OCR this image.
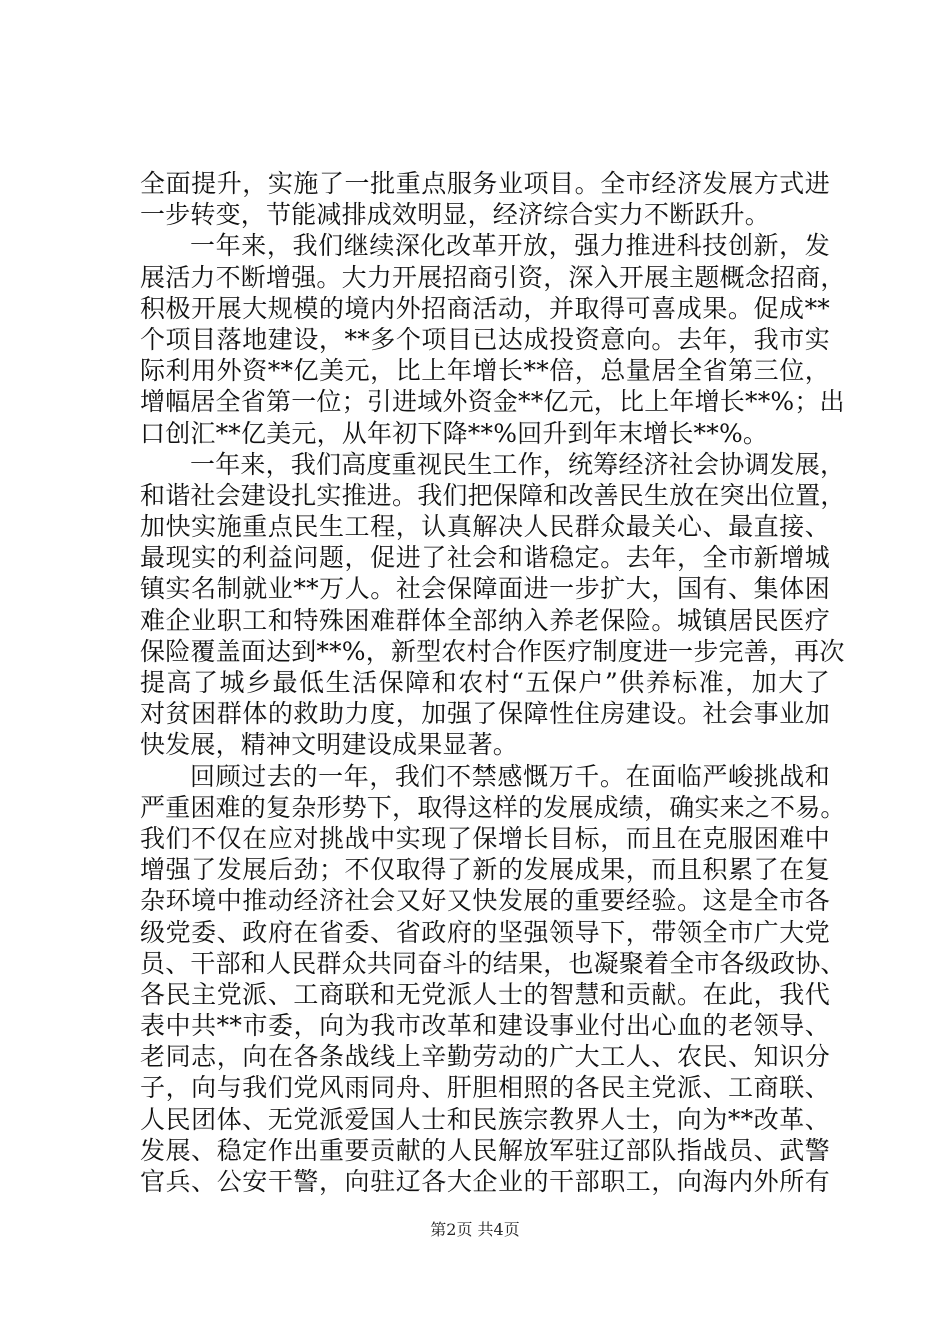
全面提升，实施了一批重点服务业项目。全市经济发展方式进
一步转变，节能减排成效明显，经济综合实力不断跃升。
一年来，我们继续深化改革开放，强力推进科技创新，发
展活力不断增强。大力开展招商引资，深入开展主题概念招商，
积极开展大规模的境内外招商活动，并取得可喜成果。促成**
个项目落地建设，**多个项目已达成投资意向。去年，我市实
际利用外资**亿美元，比上年增长**倍，总量居全省第三位，
增幅居全省第一位；引进域外资金**亿元，比上年增长**%；出
口创汇**亿美元，从年初下降**%回升到年末增长**%。
一年来，我们高度重视民生工作，统筹经济社会协调发展，
和谐社会建设扎实推进。我们把保障和改善民生放在突出位置，
加快实施重点民生工程，认真解决人民群众最关心、最直接、
最现实的利益问题，促进了社会和谐稳定。去年，全市新增城
镇实名制就业**万人。社会保障面进一步扩大，国有、集体困
难企业职工和特殊困难群体全部纳入养老保险。城镇居民医疗
保险覆盖面达到**%，新型农村合作医疗制度进一步完善，再次
提高了城乡最低生活保障和农村“五保户”供养标准，加大了
对贫困群体的救助力度，加强了保障性住房建设。社会事业加
快发展，精神文明建设成果显著。
回顾过去的一年，我们不禁感慨万千。在面临严峻挑战和
严重困难的复杂形势下，取得这样的发展成绩，确实来之不易。
我们不仅在应对挑战中实现了保增长目标，而且在克服困难中
增强了发展后劲；不仅取得了新的发展成果，而且积累了在复
杂环境中推动经济社会又好又快发展的重要经验。这是全市各
级党委、政府在省委、省政府的坚强领导下，带领全市广大党
员、干部和人民群众共同奋斗的结果，也凝聚着全市各级政协、
各民主党派、工商联和无党派人士的智慧和贡献。在此，我代
表中共**市委，向为我市改革和建设事业付出心血的老领导、
老同志，向在各条战线上辛勤劳动的广大工人、农民、知识分
子，向与我们党风雨同舟、肝胆相照的各民主党派、工商联、
人民团体、无党派爱国人士和民族宗教界人士，向为**改革、
发展、稳定作出重要贡献的人民解放军驻辽部队指战员、武警
官兵、公安干警，向驻辽各大企业的干部职工，向海内外所有
第2页 共4页
